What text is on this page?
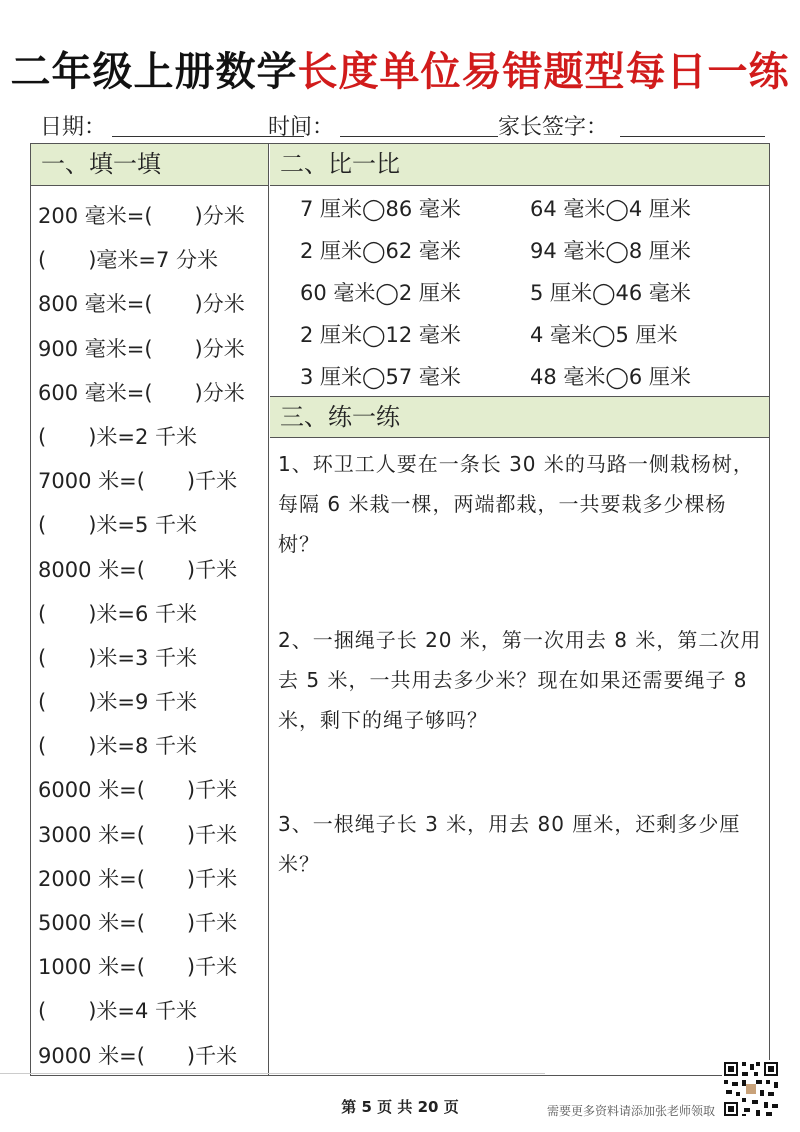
二年级上册数学长度单位易错题型每日一练
日期：	时间：	家长签字：
一、填一填	二、比一比
三、练一练
200 毫米=(　　)分米
(　　)毫米=7 分米
800 毫米=(　　)分米
900 毫米=(　　)分米
600 毫米=(　　)分米
(　　)米=2 千米
7000 米=(　　)千米
(　　)米=5 千米
8000 米=(　　)千米
(　　)米=6 千米
(　　)米=3 千米
(　　)米=9 千米
(　　)米=8 千米
6000 米=(　　)千米
3000 米=(　　)千米
2000 米=(　　)千米
5000 米=(　　)千米
1000 米=(　　)千米
(　　)米=4 千米
9000 米=(　　)千米
7 厘米◯86 毫米	64 毫米◯4 厘米
2 厘米◯62 毫米	94 毫米◯8 厘米
60 毫米◯2 厘米	5 厘米◯46 毫米
2 厘米◯12 毫米	4 毫米◯5 厘米
3 厘米◯57 毫米	48 毫米◯6 厘米
1、环卫工人要在一条长 30 米的马路一侧栽杨树，每隔 6 米栽一棵，两端都栽，一共要栽多少棵杨树？
2、一捆绳子长 20 米，第一次用去 8 米，第二次用去 5 米，一共用去多少米？现在如果还需要绳子 8 米，剩下的绳子够吗？
3、一根绳子长 3 米，用去 80 厘米，还剩多少厘米？
第 5 页 共 20 页	需要更多资料请添加张老师领取
